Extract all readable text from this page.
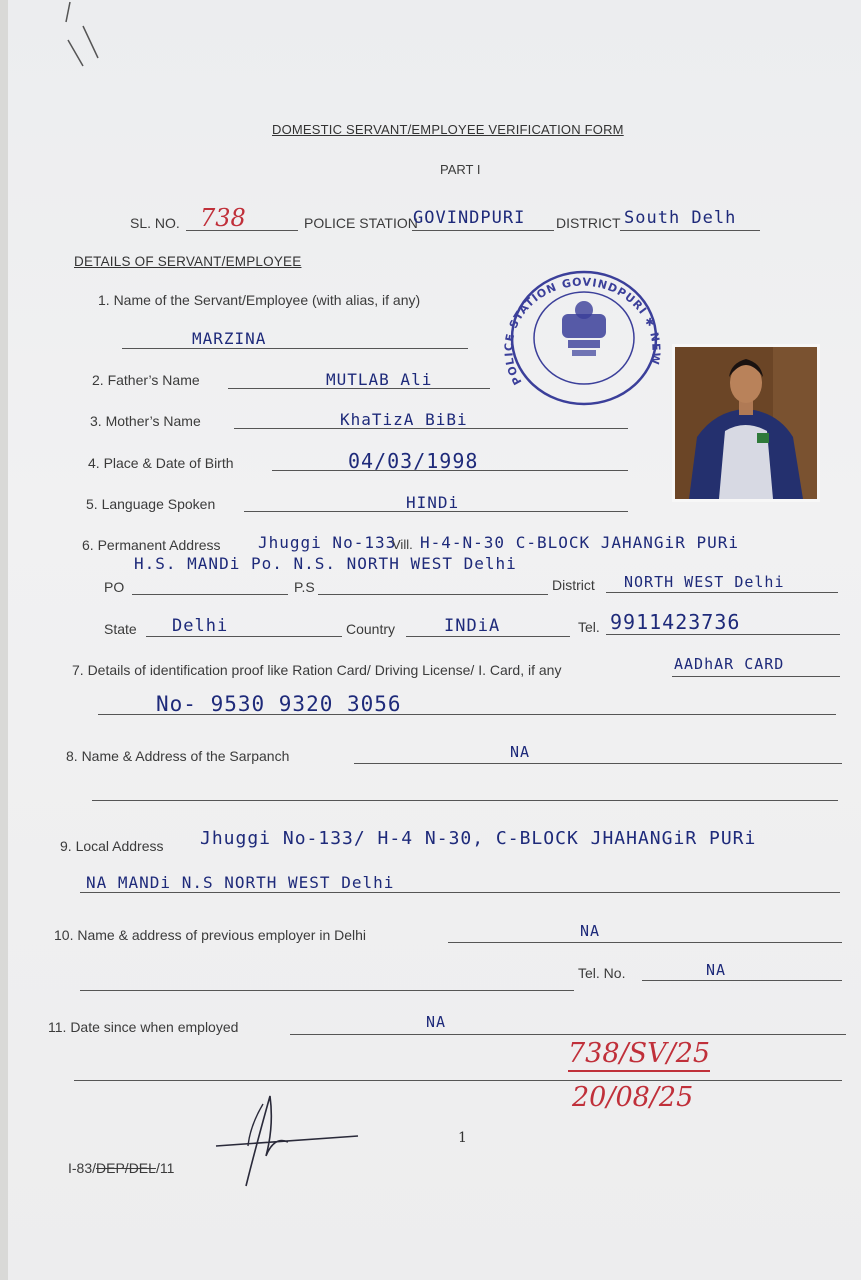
DOMESTIC SERVANT/EMPLOYEE VERIFICATION FORM
PART I
SL. NO. 738	POLICE STATION
GOVINDPURI DISTRICT South Delh
DETAILS OF SERVANT/EMPLOYEE
POLICE STATION GOVINDPURI ✱ NEW
1. Name of the Servant/Employee (with alias, if any)
MARZINA
2. Father’s Name	MUTLAB Ali
3. Mother’s Name	KhaTizA BiBi
4. Place & Date of Birth	04/03/1998
5. Language Spoken	HINDi
6. Permanent Address Jhuggi No-133
Vill. H-4-N-30 C-BLOCK JAHANGiR PURi
H.S. MANDi Po. N.S. NORTH WEST Delhi
PO	P.S	District NORTH WEST Delhi
State Delhi	Country	INDiA	Tel. 9911423736
7. Details of identification proof like Ration Card/ Driving License/ I. Card, if any	AADhAR CARD
No- 9530 9320 3056
8. Name & Address of the Sarpanch	NA
9. Local Address Jhuggi No-133/ H-4 N-30, C-BLOCK JHAHANGiR PURi
NA MANDi N.S NORTH WEST Delhi
10. Name & address of previous employer in Delhi	NA
Tel. No.	NA
11. Date since when employed	NA
738/SV/25
20/08/25
1
I-83/DEP/DEL/11
